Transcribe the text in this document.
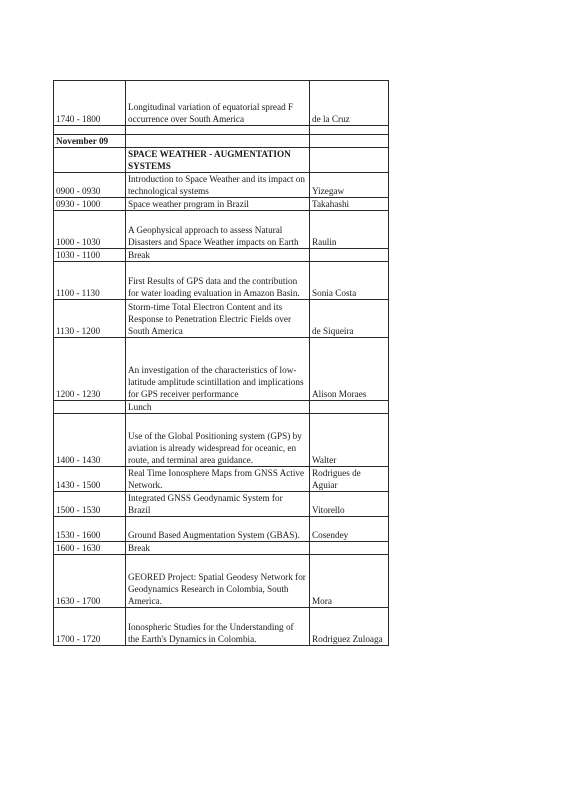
1740 - 1800	Longitudinal variation of equatorial spread F occurrence over South America	de la Cruz

November 09		
	SPACE WEATHER - AUGMENTATION SYSTEMS	
0900 - 0930	Introduction to Space Weather and its impact on technological systems	Yizegaw
0930 - 1000	Space weather program in Brazil	Takahashi
1000 - 1030	A Geophysical approach to assess Natural Disasters and Space Weather impacts on Earth	Raulin
1030 - 1100	Break	
1100 - 1130	First Results of GPS data and the contribution for water loading evaluation in Amazon Basin.	Sonia Costa
1130 - 1200	Storm-time Total Electron Content and its Response to Penetration Electric Fields over South America	de Siqueira
1200 - 1230	An investigation of the characteristics of low-latitude amplitude scintillation and implications for GPS receiver performance	Alison Moraes
	Lunch	
1400 - 1430	Use of the Global Positioning system (GPS) by aviation is already widespread for oceanic, en route, and terminal area guidance.	Walter
1430 - 1500	Real Time Ionosphere Maps from GNSS Active Network.	Rodrigues de Aguiar
1500 - 1530	Integrated GNSS Geodynamic System for Brazil	Vitorello
1530 - 1600	Ground Based Augmentation System (GBAS).	Cosendey
1600 - 1630	Break	
1630 - 1700	GEORED Project: Spatial Geodesy Network for Geodynamics Research in Colombia, South America.	Mora
1700 - 1720	Ionospheric Studies for the Understanding of the Earth's Dynamics in Colombia.	Rodriguez Zuloaga
